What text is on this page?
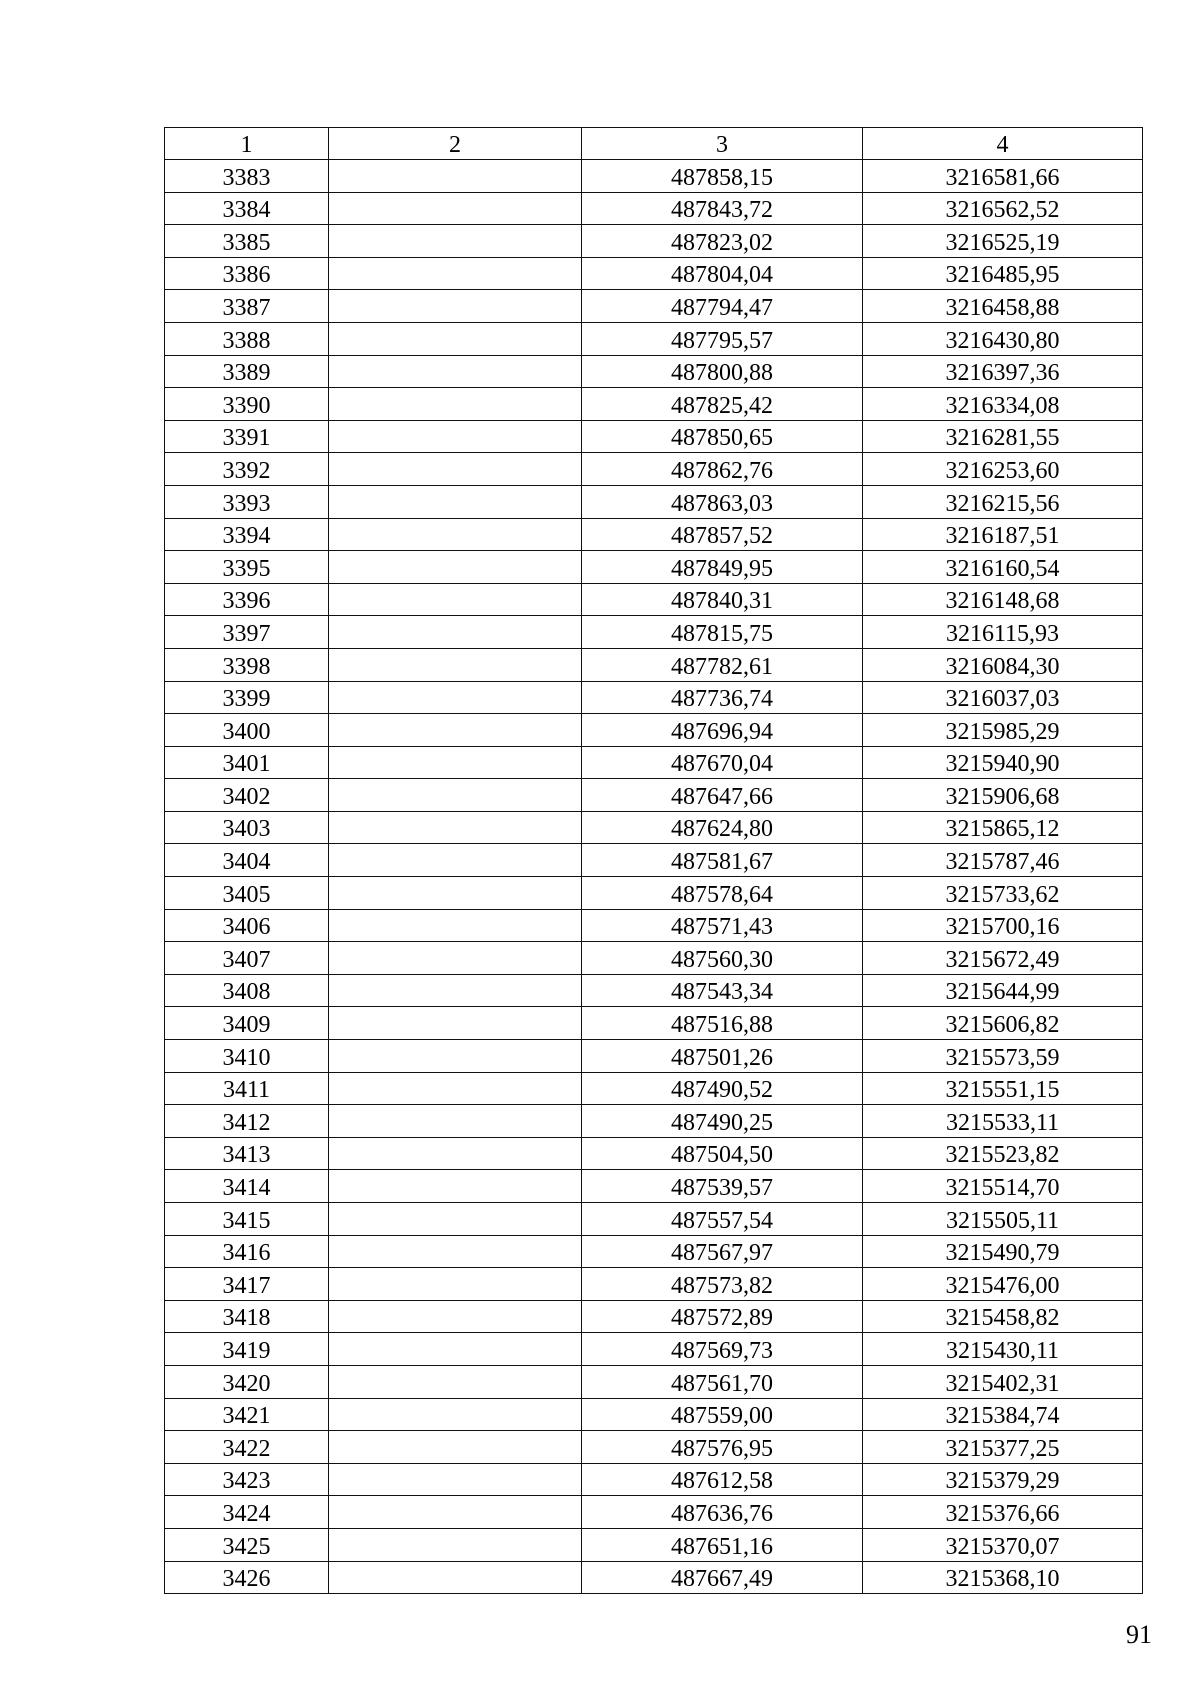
1	2	3	4
3383		487858,15	3216581,66
3384		487843,72	3216562,52
3385		487823,02	3216525,19
3386		487804,04	3216485,95
3387		487794,47	3216458,88
3388		487795,57	3216430,80
3389		487800,88	3216397,36
3390		487825,42	3216334,08
3391		487850,65	3216281,55
3392		487862,76	3216253,60
3393		487863,03	3216215,56
3394		487857,52	3216187,51
3395		487849,95	3216160,54
3396		487840,31	3216148,68
3397		487815,75	3216115,93
3398		487782,61	3216084,30
3399		487736,74	3216037,03
3400		487696,94	3215985,29
3401		487670,04	3215940,90
3402		487647,66	3215906,68
3403		487624,80	3215865,12
3404		487581,67	3215787,46
3405		487578,64	3215733,62
3406		487571,43	3215700,16
3407		487560,30	3215672,49
3408		487543,34	3215644,99
3409		487516,88	3215606,82
3410		487501,26	3215573,59
3411		487490,52	3215551,15
3412		487490,25	3215533,11
3413		487504,50	3215523,82
3414		487539,57	3215514,70
3415		487557,54	3215505,11
3416		487567,97	3215490,79
3417		487573,82	3215476,00
3418		487572,89	3215458,82
3419		487569,73	3215430,11
3420		487561,70	3215402,31
3421		487559,00	3215384,74
3422		487576,95	3215377,25
3423		487612,58	3215379,29
3424		487636,76	3215376,66
3425		487651,16	3215370,07
3426		487667,49	3215368,10
91
